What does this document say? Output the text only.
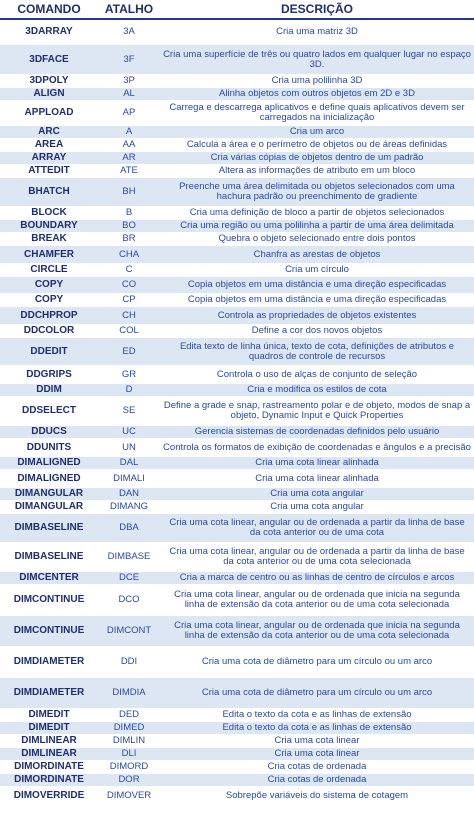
COMANDO	ATALHO	DESCRIÇÃO
3DARRAY	3A	Cria uma matriz 3D
3DFACE	3F	Cria uma superfície de três ou quatro lados em qualquer lugar no espaço 3D.
3DPOLY	3P	Cria uma polilinha 3D
ALIGN	AL	Alinha objetos com outros objetos em 2D e 3D
APPLOAD	AP	Carrega e descarrega aplicativos e define quais aplicativos devem ser carregados na inicialização
ARC	A	Cria um arco
AREA	AA	Calcula a área e o perímetro de objetos ou de áreas definidas
ARRAY	AR	Cria várias cópias de objetos dentro de um padrão
ATTEDIT	ATE	Altera as informações de atributo em um bloco
BHATCH	BH	Preenche uma área delimitada ou objetos selecionados com uma hachura padrão ou preenchimento de gradiente
BLOCK	B	Cria uma definição de bloco a partir de objetos selecionados
BOUNDARY	BO	Cria uma região ou uma polilinha a partir de uma área delimitada
BREAK	BR	Quebra o objeto selecionado entre dois pontos
CHAMFER	CHA	Chanfra as arestas de objetos
CIRCLE	C	Cria um círculo
COPY	CO	Copia objetos em uma distância e uma direção especificadas
COPY	CP	Copia objetos em uma distância e uma direção especificadas
DDCHPROP	CH	Controla as propriedades de objetos existentes
DDCOLOR	COL	Define a cor dos novos objetos
DDEDIT	ED	Edita texto de linha única, texto de cota, definições de atributos e quadros de controle de recursos
DDGRIPS	GR	Controla o uso de alças de conjunto de seleção
DDIM	D	Cria e modifica os estilos de cota
DDSELECT	SE	Define a grade e snap, rastreamento polar e de objeto, modos de snap a objeto, Dynamic Input e Quick Properties
DDUCS	UC	Gerencia sistemas de coordenadas definidos pelo usuário
DDUNITS	UN	Controla os formatos de exibição de coordenadas e ângulos e a precisão
DIMALIGNED	DAL	Cria uma cota linear alinhada
DIMALIGNED	DIMALI	Cria uma cota linear alinhada
DIMANGULAR	DAN	Cria uma cota angular
DIMANGULAR	DIMANG	Cria uma cota angular
DIMBASELINE	DBA	Cria uma cota linear, angular ou de ordenada a partir da linha de base da cota anterior ou de uma cota
DIMBASELINE	DIMBASE	Cria uma cota linear, angular ou de ordenada a partir da linha de base da cota anterior ou de uma cota selecionada
DIMCENTER	DCE	Cria a marca de centro ou as linhas de centro de círculos e arcos
DIMCONTINUE	DCO	Cria uma cota linear, angular ou de ordenada que inicia na segunda linha de extensão da cota anterior ou de uma cota selecionada
DIMCONTINUE	DIMCONT	Cria uma cota linear, angular ou de ordenada que inicia na segunda linha de extensão da cota anterior ou de uma cota selecionada
DIMDIAMETER	DDI	Cria uma cota de diâmetro para um círculo ou um arco
DIMDIAMETER	DIMDIA	Cria uma cota de diâmetro para um círculo ou um arco
DIMEDIT	DED	Edita o texto da cota e as linhas de extensão
DIMEDIT	DIMED	Edita o texto da cota e as linhas de extensão
DIMLINEAR	DIMLIN	Cria uma cota linear
DIMLINEAR	DLI	Cria uma cota linear
DIMORDINATE	DIMORD	Cria cotas de ordenada
DIMORDINATE	DOR	Cria cotas de ordenada
DIMOVERRIDE	DIMOVER	Sobrepõe variáveis do sistema de cotagem
